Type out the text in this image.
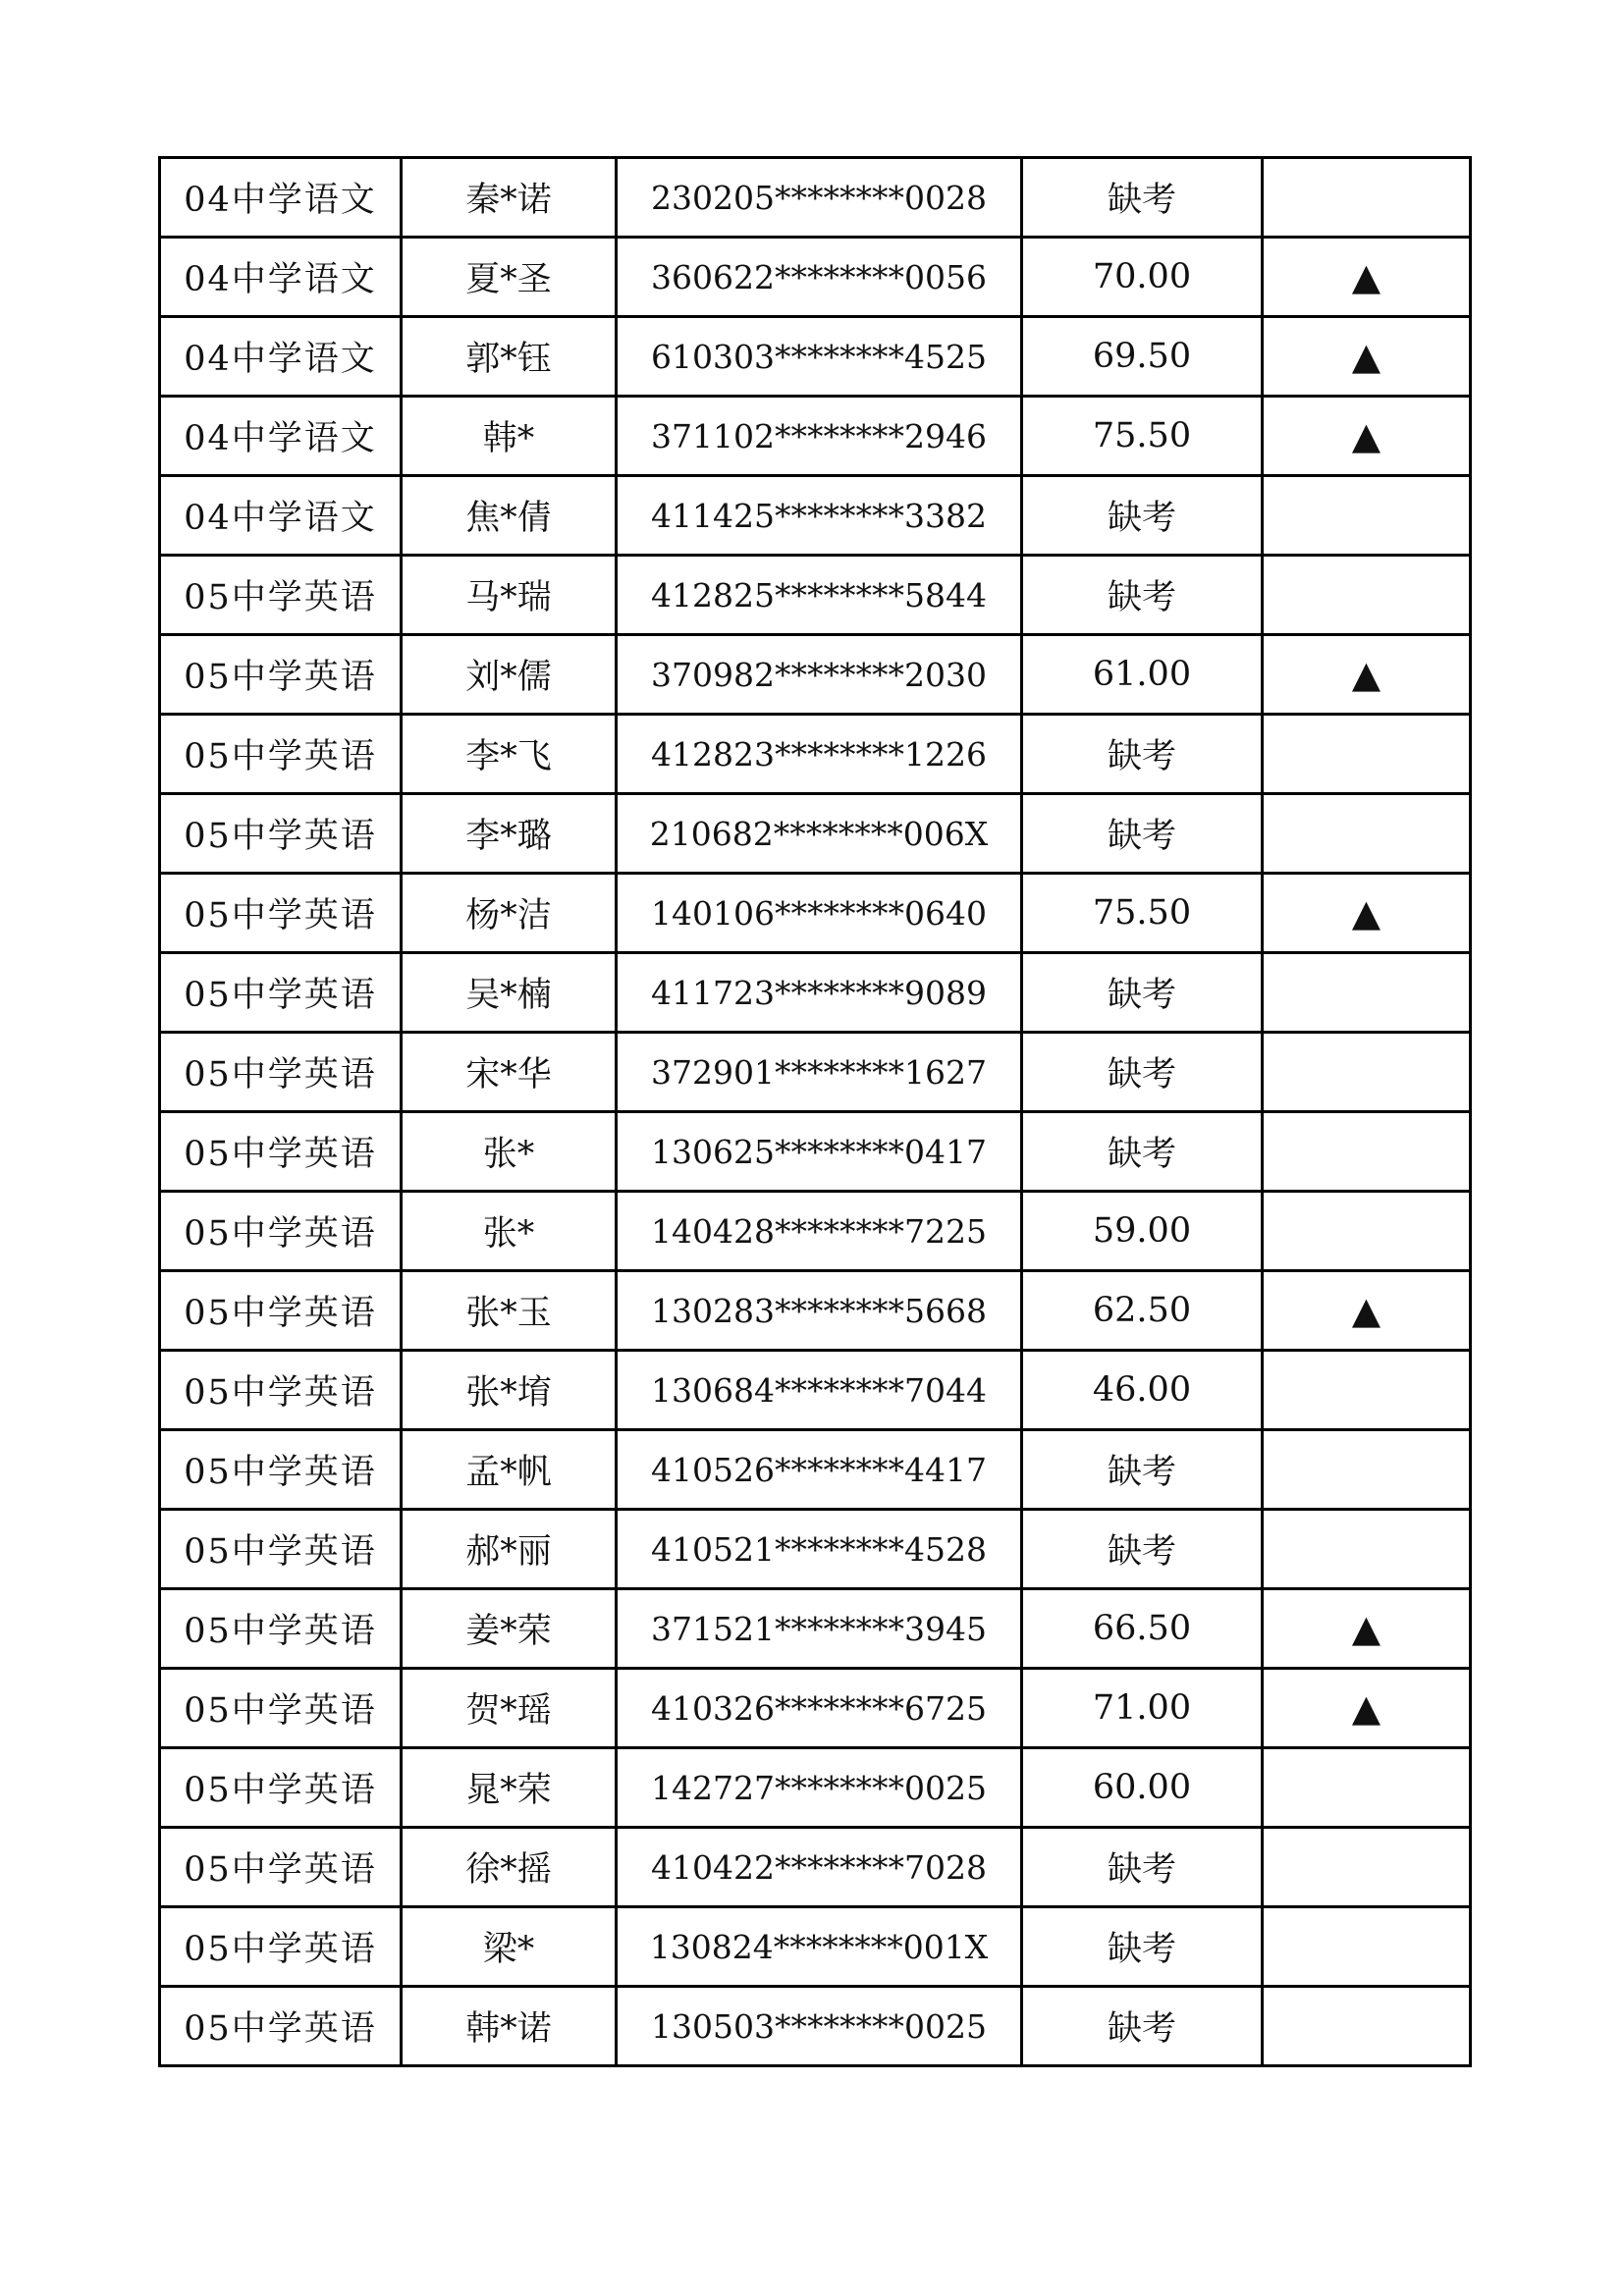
04中学语文	秦*诺	230205********0028	缺考	
04中学语文	夏*圣	360622********0056	70.00	▲
04中学语文	郭*钰	610303********4525	69.50	▲
04中学语文	韩*	371102********2946	75.50	▲
04中学语文	焦*倩	411425********3382	缺考	
05中学英语	马*瑞	412825********5844	缺考	
05中学英语	刘*儒	370982********2030	61.00	▲
05中学英语	李*飞	412823********1226	缺考	
05中学英语	李*璐	210682********006X	缺考	
05中学英语	杨*洁	140106********0640	75.50	▲
05中学英语	吴*楠	411723********9089	缺考	
05中学英语	宋*华	372901********1627	缺考	
05中学英语	张*	130625********0417	缺考	
05中学英语	张*	140428********7225	59.00	
05中学英语	张*玉	130283********5668	62.50	▲
05中学英语	张*堉	130684********7044	46.00	
05中学英语	孟*帆	410526********4417	缺考	
05中学英语	郝*丽	410521********4528	缺考	
05中学英语	姜*荣	371521********3945	66.50	▲
05中学英语	贺*瑶	410326********6725	71.00	▲
05中学英语	晁*荣	142727********0025	60.00	
05中学英语	徐*摇	410422********7028	缺考	
05中学英语	梁*	130824********001X	缺考	
05中学英语	韩*诺	130503********0025	缺考	
